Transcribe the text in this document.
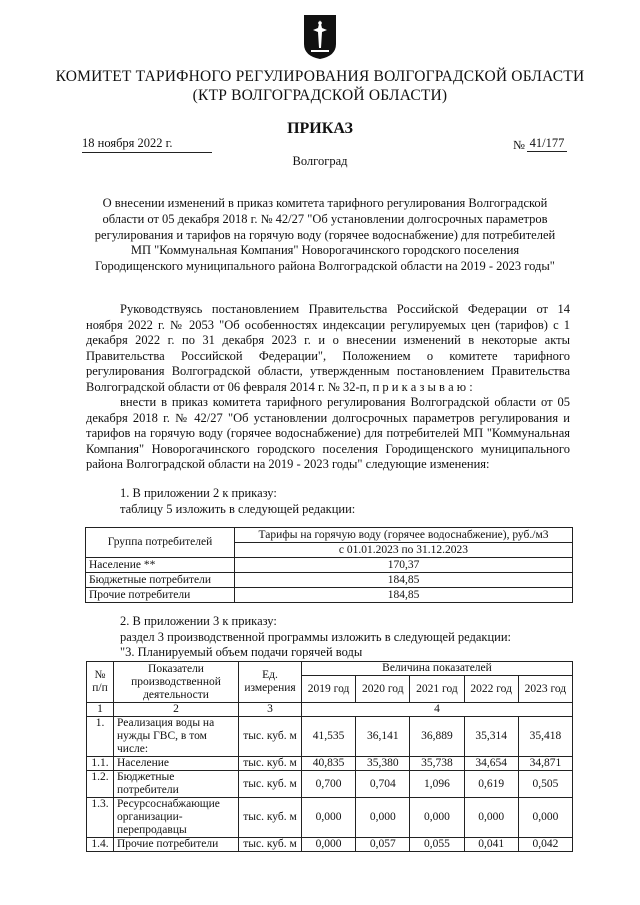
КОМИТЕТ ТАРИФНОГО РЕГУЛИРОВАНИЯ ВОЛГОГРАДСКОЙ ОБЛАСТИ
(КТР ВОЛГОГРАДСКОЙ ОБЛАСТИ)
ПРИКАЗ
18 ноября 2022 г.	№ 41/177
Волгоград
О внесении изменений в приказ комитета тарифного регулирования Волгоградской
области от 05 декабря 2018 г. № 42/27 "Об установлении долгосрочных параметров
регулирования и тарифов на горячую воду (горячее водоснабжение) для потребителей
МП "Коммунальная Компания" Новорогачинского городского поселения
Городищенского муниципального района Волгоградской области на 2019 - 2023 годы"
Руководствуясь постановлением Правительства Российской Федерации от 14 ноября 2022 г. № 2053 "Об особенностях индексации регулируемых цен (тарифов) с 1 декабря 2022 г. по 31 декабря 2023 г. и о внесении изменений в некоторые акты Правительства Российской Федерации", Положением о комитете тарифного регулирования Волгоградской области, утвержденным постановлением Правительства Волгоградской области от 06 февраля 2014 г. № 32-п, п р и к а з ы в а ю :
внести в приказ комитета тарифного регулирования Волгоградской области от 05 декабря 2018 г. № 42/27 "Об установлении долгосрочных параметров регулирования и тарифов на горячую воду (горячее водоснабжение) для потребителей МП "Коммунальная Компания" Новорогачинского городского поселения Городищенского муниципального района Волгоградской области на 2019 - 2023 годы" следующие изменения:
1. В приложении 2 к приказу:
таблицу 5 изложить в следующей редакции:
Группа потребителей	Тарифы на горячую воду (горячее водоснабжение), руб./м3
	с 01.01.2023 по 31.12.2023
Население **	170,37
Бюджетные потребители	184,85
Прочие потребители	184,85
2. В приложении 3 к приказу:
раздел 3 производственной программы изложить в следующей редакции:
"3. Планируемый объем подачи горячей воды
№ п/п	Показатели производственной деятельности	Ед. измерения	Величина показателей				
			2019 год	2020 год	2021 год	2022 год	2023 год
1	2	3	4				
1.	Реализация воды на нужды ГВС, в том числе:	тыс. куб. м	41,535	36,141	36,889	35,314	35,418
1.1.	Население	тыс. куб. м	40,835	35,380	35,738	34,654	34,871
1.2.	Бюджетные потребители	тыс. куб. м	0,700	0,704	1,096	0,619	0,505
1.3.	Ресурсоснабжающие организации-перепродавцы	тыс. куб. м	0,000	0,000	0,000	0,000	0,000
1.4.	Прочие потребители	тыс. куб. м	0,000	0,057	0,055	0,041	0,042
